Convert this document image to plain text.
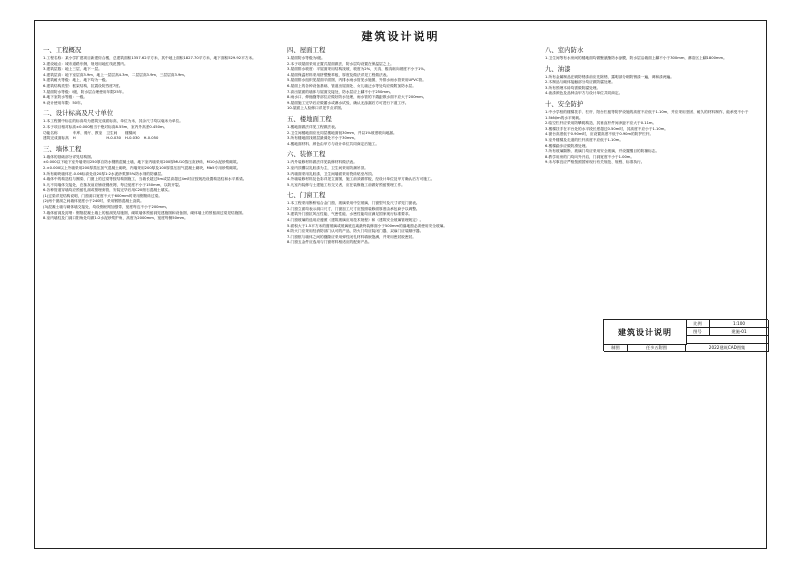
建筑设计说明
一、工程概况

1.工程名称：某小学扩建项目新建综合楼，总建筑面积1357.62平方米，其中地上面积1827.70平方米，地下面积529.92平方米。

2.建设地点：城市道路东侧，规划用地红线范围内。

3.建筑层数：地上三层，地下一层。

4.建筑层高：地下室层高3.9m，地上一层层高4.3m，二层层高3.9m，三层层高3.9m。

5.建筑耐火等级：地上、地下均为一级。

6.建筑结构类型：框架结构，抗震设防烈度7度。

7.屋面防水等级：I级，防水层合理使用年限25年。

8.地下室防水等级：一级。

9.设计使用年限：50年。

二、设计标高及尺寸单位

1.本工程图中标注的标高均为建筑完成面标高，单位为米，其余尺寸均以毫米为单位。

2.本子项目相对标高±0.000相当于绝对标高8.55m，室内外高差0.450m。

功能名称	车库、餐厅、教室	卫生间	楼梯间	
建筑完成面标高	H	H-0.030	H-0.030	H-0.050
三、墙体工程

1.墙体的基础部分详见结构图。

±0.000以下地下室外墙采用250厚自防水钢筋混凝土墙，地下室内墙采用200厚MU10蒸压灰砂砖，M10水泥砂浆砌筑。

2.±0.000以上外墙采用200厚蒸压加气混凝土砌块，内墙采用200厚及100厚蒸压加气混凝土砌块，Mb5专用砂浆砌筑。

3.所有砌块墙体在-0.06标高处设20厚1:2水泥砂浆掺5%防水剂的防潮层。

4.墙体中的构造柱与圈梁、门窗上的过梁等按结构图施工，当墙长超过5m或层高超过4m时应按规范设置构造柱和水平系梁。

5.凡不同墙体交接处，在抹灰前应铺设钢丝网，每边宽度不小于150mm，以防开裂。

6.各种管道穿墙均应预留孔洞或预埋套管，安装完毕后用C20细石混凝土填实。

(1)过梁详见结构说明，门窗洞口宽度不大于600mm时采用钢筋砖过梁。

(2)两个窗洞之间墙体宽度小于240时，采用钢筋混凝土浇筑。

(3)混凝土墙与砌体墙交接处，均设钢丝网加强带，宽度每边不小于200mm。

7.墙体留洞及封堵：钢筋混凝土墙上的留洞见结施图，砌筑墙体预留洞见建施图和设备图，砌体墙上的预留洞过梁见结施图。

8.室内墙柱及门洞口阳角处均做1:2水泥砂浆护角，高度为2000mm，宽度每侧50mm。

四、屋面工程

1.屋面防水等级为I级。

2.本子项屋面采用正置式屋面做法，防水层均设置在保温层之上。

3.屋面排水坡度：平屋面采用结构找坡，坡度为2%，天沟、檐沟纵向坡度不小于1%。

4.屋面保温材料采用挤塑聚苯板，厚度及做法详见工程做法表。

5.屋面排水组织见屋面平面图，内排水雨水管见水施图，外排水雨水管采用UPVC管。

6.屋面上的各种设备基础、管道出屋面处、女儿墙泛水等处均应做附加防水层。

7.高出屋面的墙体与屋面交接处，防水层应上翻不小于250mm。

8.雨水口、伸缩缝等部位应做好防水处理，雨水管的下端距散水面不应大于200mm。

9.屋面施工完毕后应做蓄水或淋水试验，确认无渗漏后方可进行下道工序。

10.屋面上人检修口详见节点详图。

五、楼地面工程

1.楼地面做法详见工程做法表。

2.卫生间楼地面应比同层楼地面低30mm，并以1%坡度坡向地漏。

3.所有楼地面找坡层最薄处不小于30mm。

4.楼地面材料、颜色由甲方与设计单位共同商定后施工。

六、装修工程

1.内外装修材料做法详见装修材料做法表。

2.室内顶棚以乳胶漆为主，卫生间采用防潮吊顶。

3.内墙面采用乳胶漆，卫生间墙面采用瓷砖贴至吊顶。

4.外墙装修材料及色彩详见立面图，施工前须做样板，经设计单位及甲方确认后方可施工。

5.凡室内装修与土建施工有交叉者，应在装修施工前做好预留预埋工作。

七、门窗工程

1.本工程采用断桥铝合金门窗，玻璃采用中空玻璃，门窗型号及尺寸详见门窗表。

2.门窗立面均表示洞口尺寸，门窗加工尺寸应按照装修面厚度由承包商予以调整。

3.建筑外门窗抗风压性能、气密性能、水密性能均应满足国家现行标准要求。

4.门窗玻璃的选用应遵照《建筑玻璃应用技术规程》和《建筑安全玻璃管理规定》。

5.面积大于1.5平方米的窗玻璃或玻璃底边离最终装修面小于500mm的落地窗必须使用安全玻璃。

6.防火门应采用经消防部门认可的产品，防火门均应装闭门器，双扇门应装顺序器。

7.门窗框与墙体之间的缝隙应采用弹性闭孔材料填嵌饱满，并采用密封胶密封。

8.门窗五金件应选用与门窗材料相适应的配套产品。

八、室内防水

1.卫生间等有水房间的楼地面均做聚氨酯防水涂膜，防水层沿墙面上翻不小于300mm，淋浴区上翻1800mm。

九、油漆

1.所有金属制品在刷防锈漆前应先除锈，露明部分刷防锈漆一遍，调和漆两遍。

2.木制品与砌体接触部分均应做防腐处理。

3.所有预埋木砖均需做防腐处理。

4.油漆颜色及品种由甲方与设计单位共同商定。

十、安全防护

1.中小学校的楼梯扶手、栏杆、阳台栏板等防护设施的高度不应低于1.10m，并应采用坚固、耐久的材料制作，能承受不小于1.5kN/m的水平荷载。

2.临空栏杆应采用防攀爬构造，其垂直杆件间净距不应大于0.11m。

3.楼梯扶手在平台处的水平段长度超过0.50m时，其高度不应小于1.10m。

4.窗台高度低于0.90m时，应设置高度不低于0.90m的防护栏杆。

5.室外楼梯及走道的栏杆高度不应低于1.10m。

6.楼梯踏步应做防滑处理。

7.所有玻璃隔断、玻璃门均应采用安全玻璃，并设置醒目的防撞标志。

8.教学用房的门均向外开启，门洞宽度不小于1.00m。

9.未尽事宜应严格按照国家现行有关规范、规程、标准执行。

建筑设计说明
比例	1:100
图号	建施-01
制图	任多五附图	2022建筑CAD图集
